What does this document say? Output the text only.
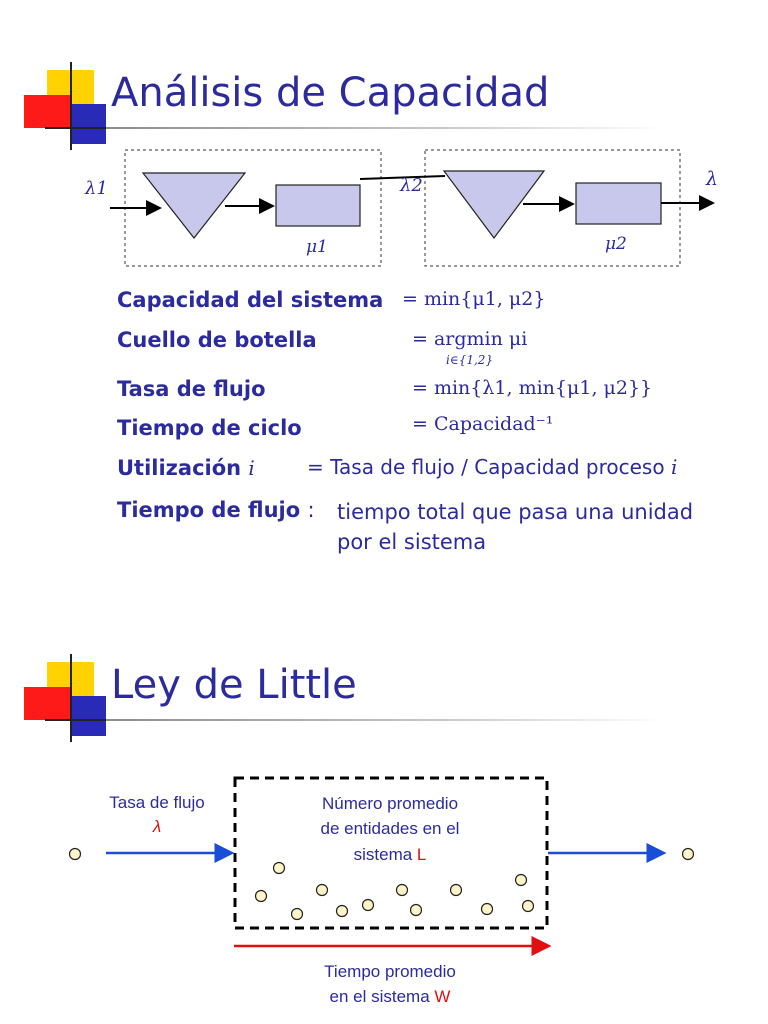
Análisis de Capacidad
λ1	λ2	λ
μ1	μ2
Capacidad del sistema = min{μ1, μ2}
Cuello de botella	= argmin μi
i∈{1,2}
Tasa de flujo	= min{λ1, min{μ1, μ2}}
Tiempo de ciclo	= Capacidad⁻¹
Utilización i	= Tasa de flujo / Capacidad proceso i
Tiempo de flujo : tiempo total que pasa una unidad
por el sistema
Ley de Little
Tasa de flujo
λ
Número promedio
de entidades en el
sistema L
Tiempo promedio
en el sistema W
